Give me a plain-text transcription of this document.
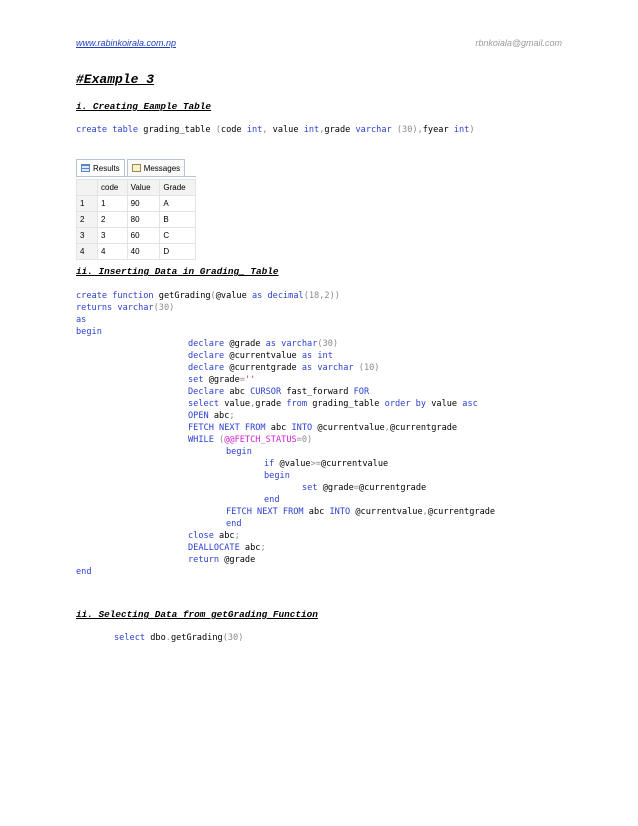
www.rabinkoirala.com.np	rbnkoiala@gmail.com
#Example 3
i. Creating Eample Table
create table grading_table (code int, value int,grade varchar (30),fyear int)
Results	Messages
	code	Value	Grade
1	1	90	A
2	2	80	B
3	3	60	C
4	4	40	D
ii. Inserting Data in Grading_ Table
create function getGrading(@value as decimal(18,2))
returns varchar(30)
as
begin
declare @grade as varchar(30)
declare @currentvalue as int
declare @currentgrade as varchar (10)
set @grade=''
Declare abc CURSOR fast_forward FOR
select value,grade from grading_table order by value asc
OPEN abc;
FETCH NEXT FROM abc INTO @currentvalue,@currentgrade
WHILE (@@FETCH_STATUS=0)
begin
if @value>=@currentvalue
begin
set @grade=@currentgrade
end
FETCH NEXT FROM abc INTO @currentvalue,@currentgrade
end
close abc;
DEALLOCATE abc;
return @grade
end
ii. Selecting Data from getGrading Function
select dbo.getGrading(30)
